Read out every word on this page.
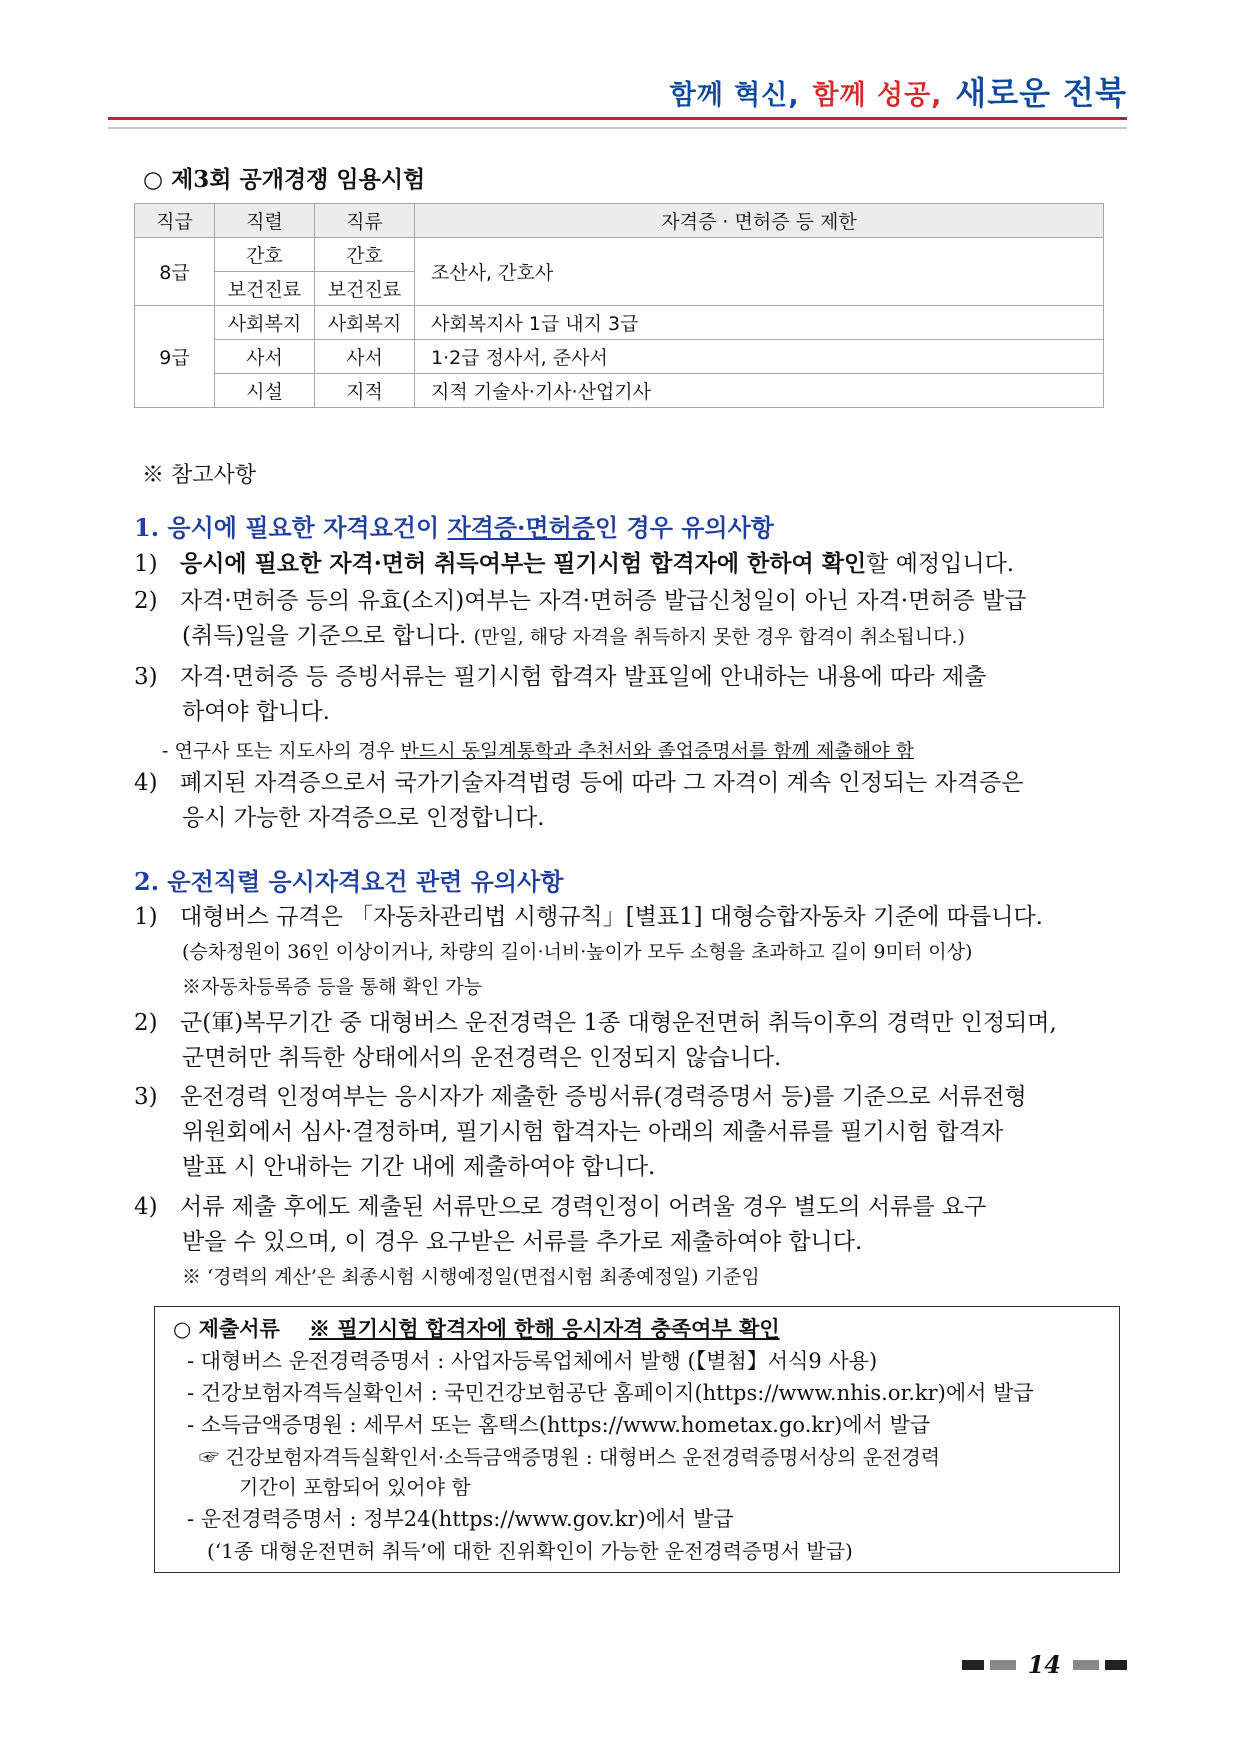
함께 혁신, 함께 성공, 새로운 전북
○ 제3회 공개경쟁 임용시험
직급	직렬	직류	자격증 · 면허증 등 제한
8급	간호	간호	조산사, 간호사
	보건진료	보건진료	
9급	사회복지	사회복지	사회복지사 1급 내지 3급
	사서	사서	1·2급 정사서, 준사서
	시설	지적	지적 기술사·기사·산업기사
※ 참고사항
1. 응시에 필요한 자격요건이 자격증·면허증인 경우 유의사항
1) 응시에 필요한 자격·면허 취득여부는 필기시험 합격자에 한하여 확인할 예정입니다.
2) 자격·면허증 등의 유효(소지)여부는 자격·면허증 발급신청일이 아닌 자격·면허증 발급
(취득)일을 기준으로 합니다. (만일, 해당 자격을 취득하지 못한 경우 합격이 취소됩니다.)
3) 자격·면허증 등 증빙서류는 필기시험 합격자 발표일에 안내하는 내용에 따라 제출
하여야 합니다.
- 연구사 또는 지도사의 경우 반드시 동일계통학과 추천서와 졸업증명서를 함께 제출해야 함
4) 폐지된 자격증으로서 국가기술자격법령 등에 따라 그 자격이 계속 인정되는 자격증은
응시 가능한 자격증으로 인정합니다.
2. 운전직렬 응시자격요건 관련 유의사항
1) 대형버스 규격은 「자동차관리법 시행규칙」[별표1] 대형승합자동차 기준에 따릅니다.
(승차정원이 36인 이상이거나, 차량의 길이·너비·높이가 모두 소형을 초과하고 길이 9미터 이상)
※자동차등록증 등을 통해 확인 가능
2) 군(軍)복무기간 중 대형버스 운전경력은 1종 대형운전면허 취득이후의 경력만 인정되며,
군면허만 취득한 상태에서의 운전경력은 인정되지 않습니다.
3) 운전경력 인정여부는 응시자가 제출한 증빙서류(경력증명서 등)를 기준으로 서류전형
위원회에서 심사·결정하며, 필기시험 합격자는 아래의 제출서류를 필기시험 합격자
발표 시 안내하는 기간 내에 제출하여야 합니다.
4) 서류 제출 후에도 제출된 서류만으로 경력인정이 어려울 경우 별도의 서류를 요구
받을 수 있으며, 이 경우 요구받은 서류를 추가로 제출하여야 합니다.
※ ‘경력의 계산’은 최종시험 시행예정일(면접시험 최종예정일) 기준임
○ 제출서류 ※ 필기시험 합격자에 한해 응시자격 충족여부 확인
- 대형버스 운전경력증명서 : 사업자등록업체에서 발행 (【별첨】서식9 사용)
- 건강보험자격득실확인서 : 국민건강보험공단 홈페이지(https://www.nhis.or.kr)에서 발급
- 소득금액증명원 : 세무서 또는 홈택스(https://www.hometax.go.kr)에서 발급
☞ 건강보험자격득실확인서·소득금액증명원 : 대형버스 운전경력증명서상의 운전경력
기간이 포함되어 있어야 함
- 운전경력증명서 : 정부24(https://www.gov.kr)에서 발급
(‘1종 대형운전면허 취득’에 대한 진위확인이 가능한 운전경력증명서 발급)
14
